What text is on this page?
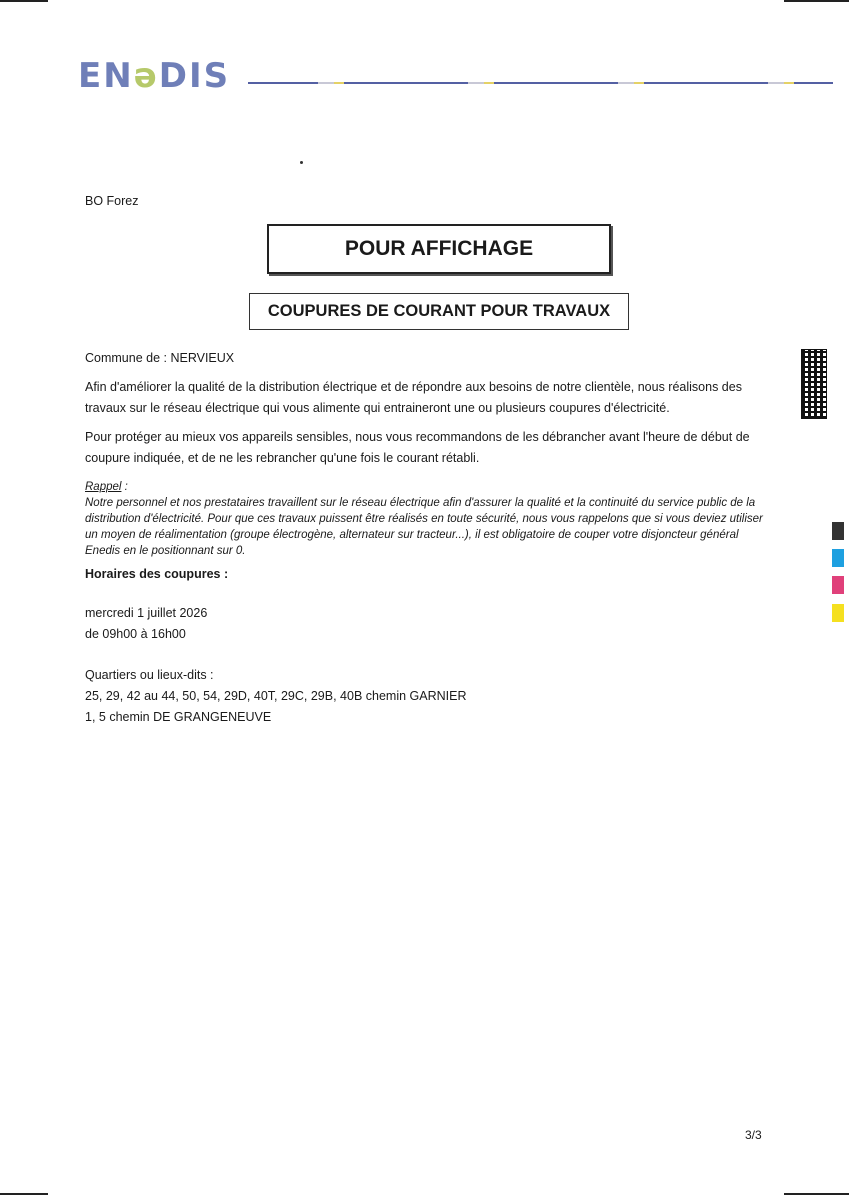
ENəDIS
BO Forez
POUR AFFICHAGE
COUPURES DE COURANT POUR TRAVAUX
Commune de : NERVIEUX
Afin d'améliorer la qualité de la distribution électrique et de répondre aux besoins de notre clientèle, nous réalisons des travaux sur le réseau électrique qui vous alimente qui entraineront une ou plusieurs coupures d'électricité.
Pour protéger au mieux vos appareils sensibles, nous vous recommandons de les débrancher avant l'heure de début de coupure indiquée, et de ne les rebrancher qu'une fois le courant rétabli.
Rappel :
Notre personnel et nos prestataires travaillent sur le réseau électrique afin d'assurer la qualité et la continuité du service public de la distribution d'électricité. Pour que ces travaux puissent être réalisés en toute sécurité, nous vous rappelons que si vous deviez utiliser un moyen de réalimentation (groupe électrogène, alternateur sur tracteur...), il est obligatoire de couper votre disjoncteur général Enedis en le positionnant sur 0.
Horaires des coupures :
mercredi 1 juillet 2026
de 09h00 à 16h00
Quartiers ou lieux-dits :
25, 29, 42 au 44, 50, 54, 29D, 40T, 29C, 29B, 40B chemin GARNIER
1, 5 chemin DE GRANGENEUVE
3/3
